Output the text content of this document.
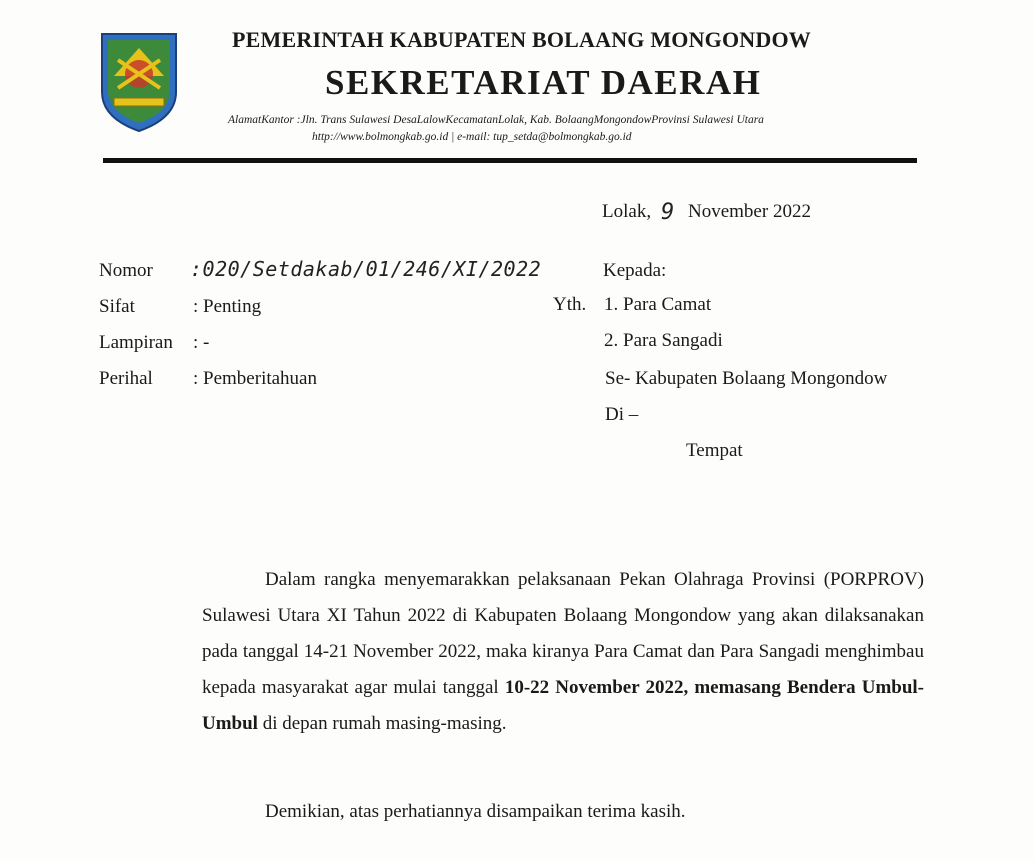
PEMERINTAH KABUPATEN BOLAANG MONGONDOW
SEKRETARIAT DAERAH
AlamatKantor :Jln. Trans Sulawesi DesaLalowKecamatanLolak, Kab. BolaangMongondowProvinsi Sulawesi Utara
http://www.bolmongkab.go.id | e-mail: tup_setda@bolmongkab.go.id
Lolak, 9 November 2022
Nomor :020/Setdakab/01/246/XI/2022
Sifat	: Penting
Lampiran : -
Perihal : Pemberitahuan
Kepada:
Yth. 1. Para Camat
2. Para Sangadi
Se- Kabupaten Bolaang Mongondow
Di –
Tempat
Dalam rangka menyemarakkan pelaksanaan Pekan Olahraga Provinsi (PORPROV) Sulawesi Utara XI Tahun 2022 di Kabupaten Bolaang Mongondow yang akan dilaksanakan pada tanggal 14-21 November 2022, maka kiranya Para Camat dan Para Sangadi menghimbau kepada masyarakat agar mulai tanggal 10-22 November 2022, memasang Bendera Umbul-Umbul di depan rumah masing-masing.
Demikian, atas perhatiannya disampaikan terima kasih.
